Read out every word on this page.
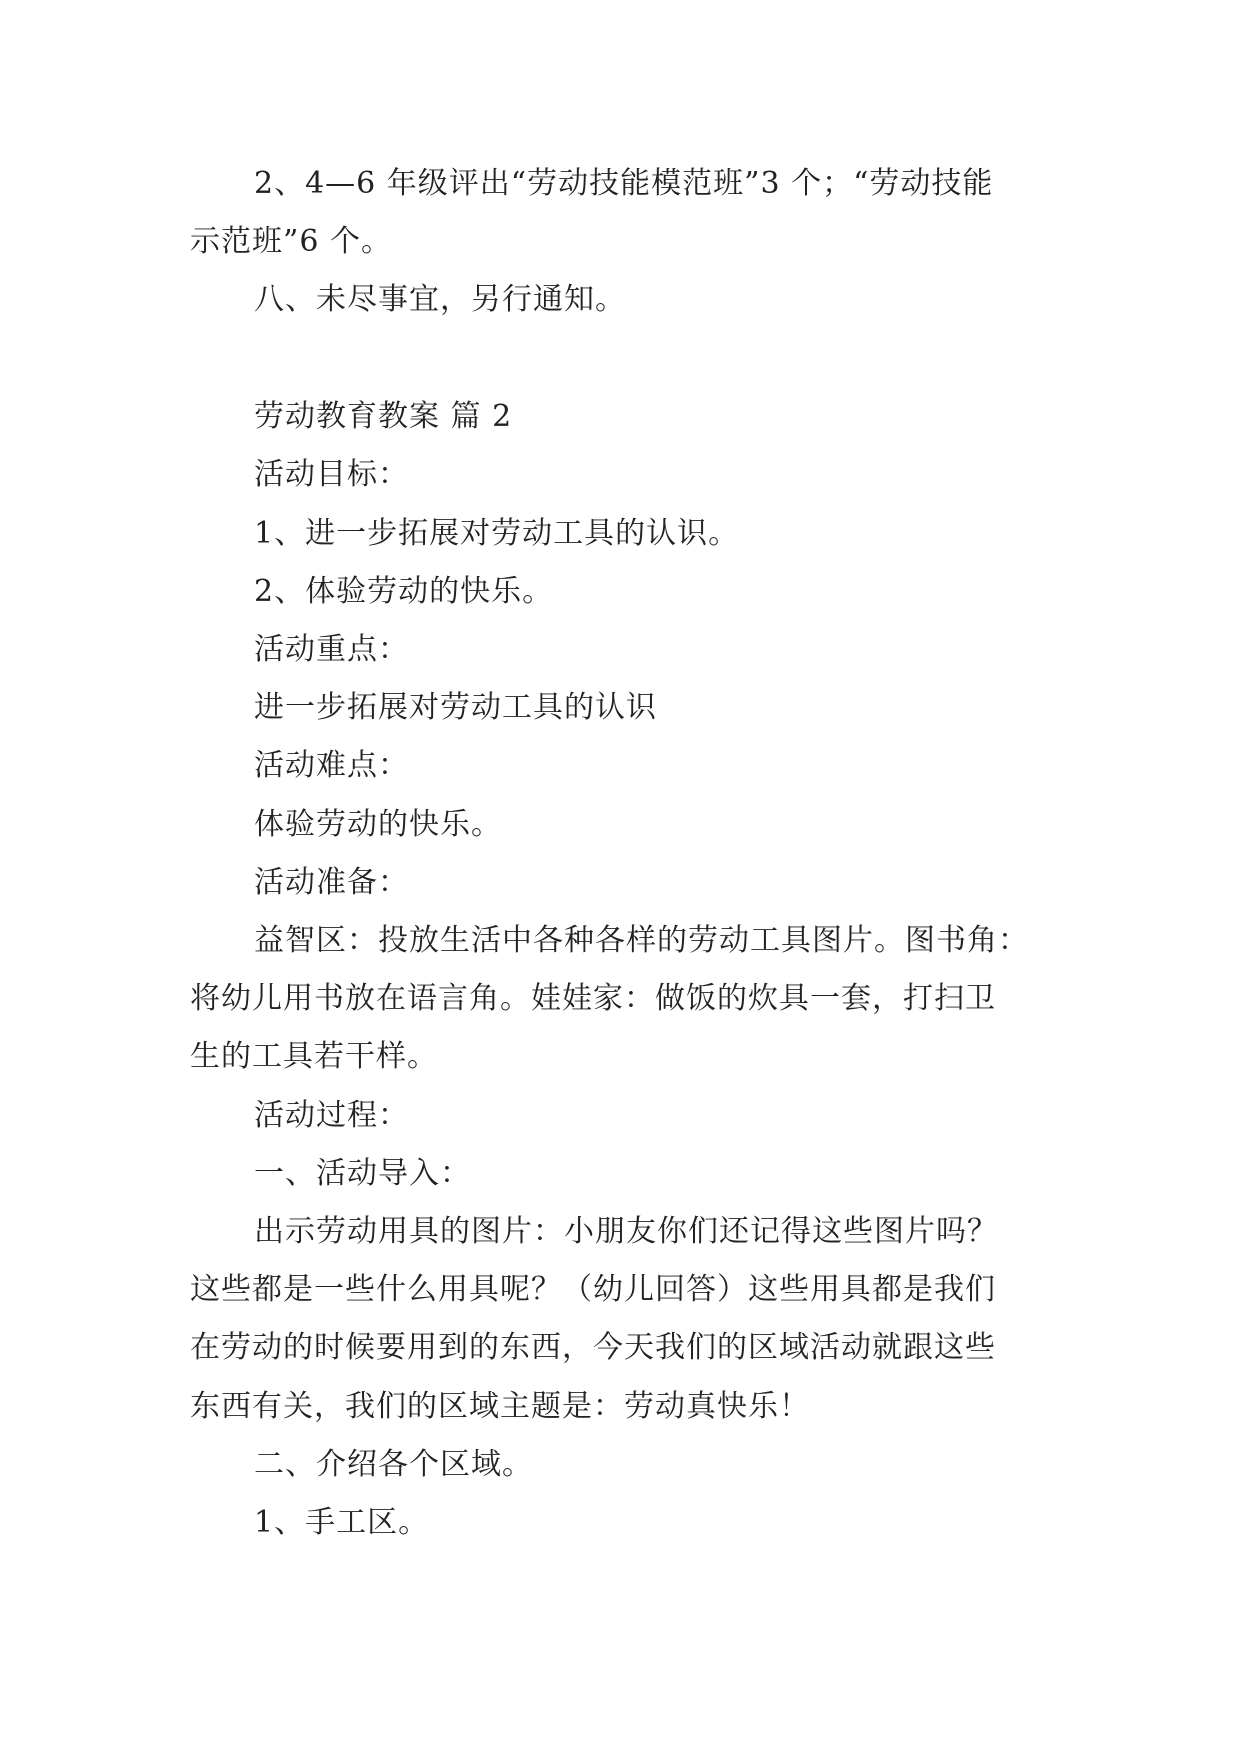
2、4—6 年级评出“劳动技能模范班”3 个；“劳动技能
示范班”6 个。
八、未尽事宜，另行通知。
劳动教育教案 篇 2
活动目标：
1、进一步拓展对劳动工具的认识。
2、体验劳动的快乐。
活动重点：
进一步拓展对劳动工具的认识
活动难点：
体验劳动的快乐。
活动准备：
益智区：投放生活中各种各样的劳动工具图片。图书角：
将幼儿用书放在语言角。娃娃家：做饭的炊具一套，打扫卫
生的工具若干样。
活动过程：
一、活动导入：
出示劳动用具的图片：小朋友你们还记得这些图片吗？
这些都是一些什么用具呢？（幼儿回答）这些用具都是我们
在劳动的时候要用到的东西，今天我们的区域活动就跟这些
东西有关，我们的区域主题是：劳动真快乐！
二、介绍各个区域。
1、手工区。
